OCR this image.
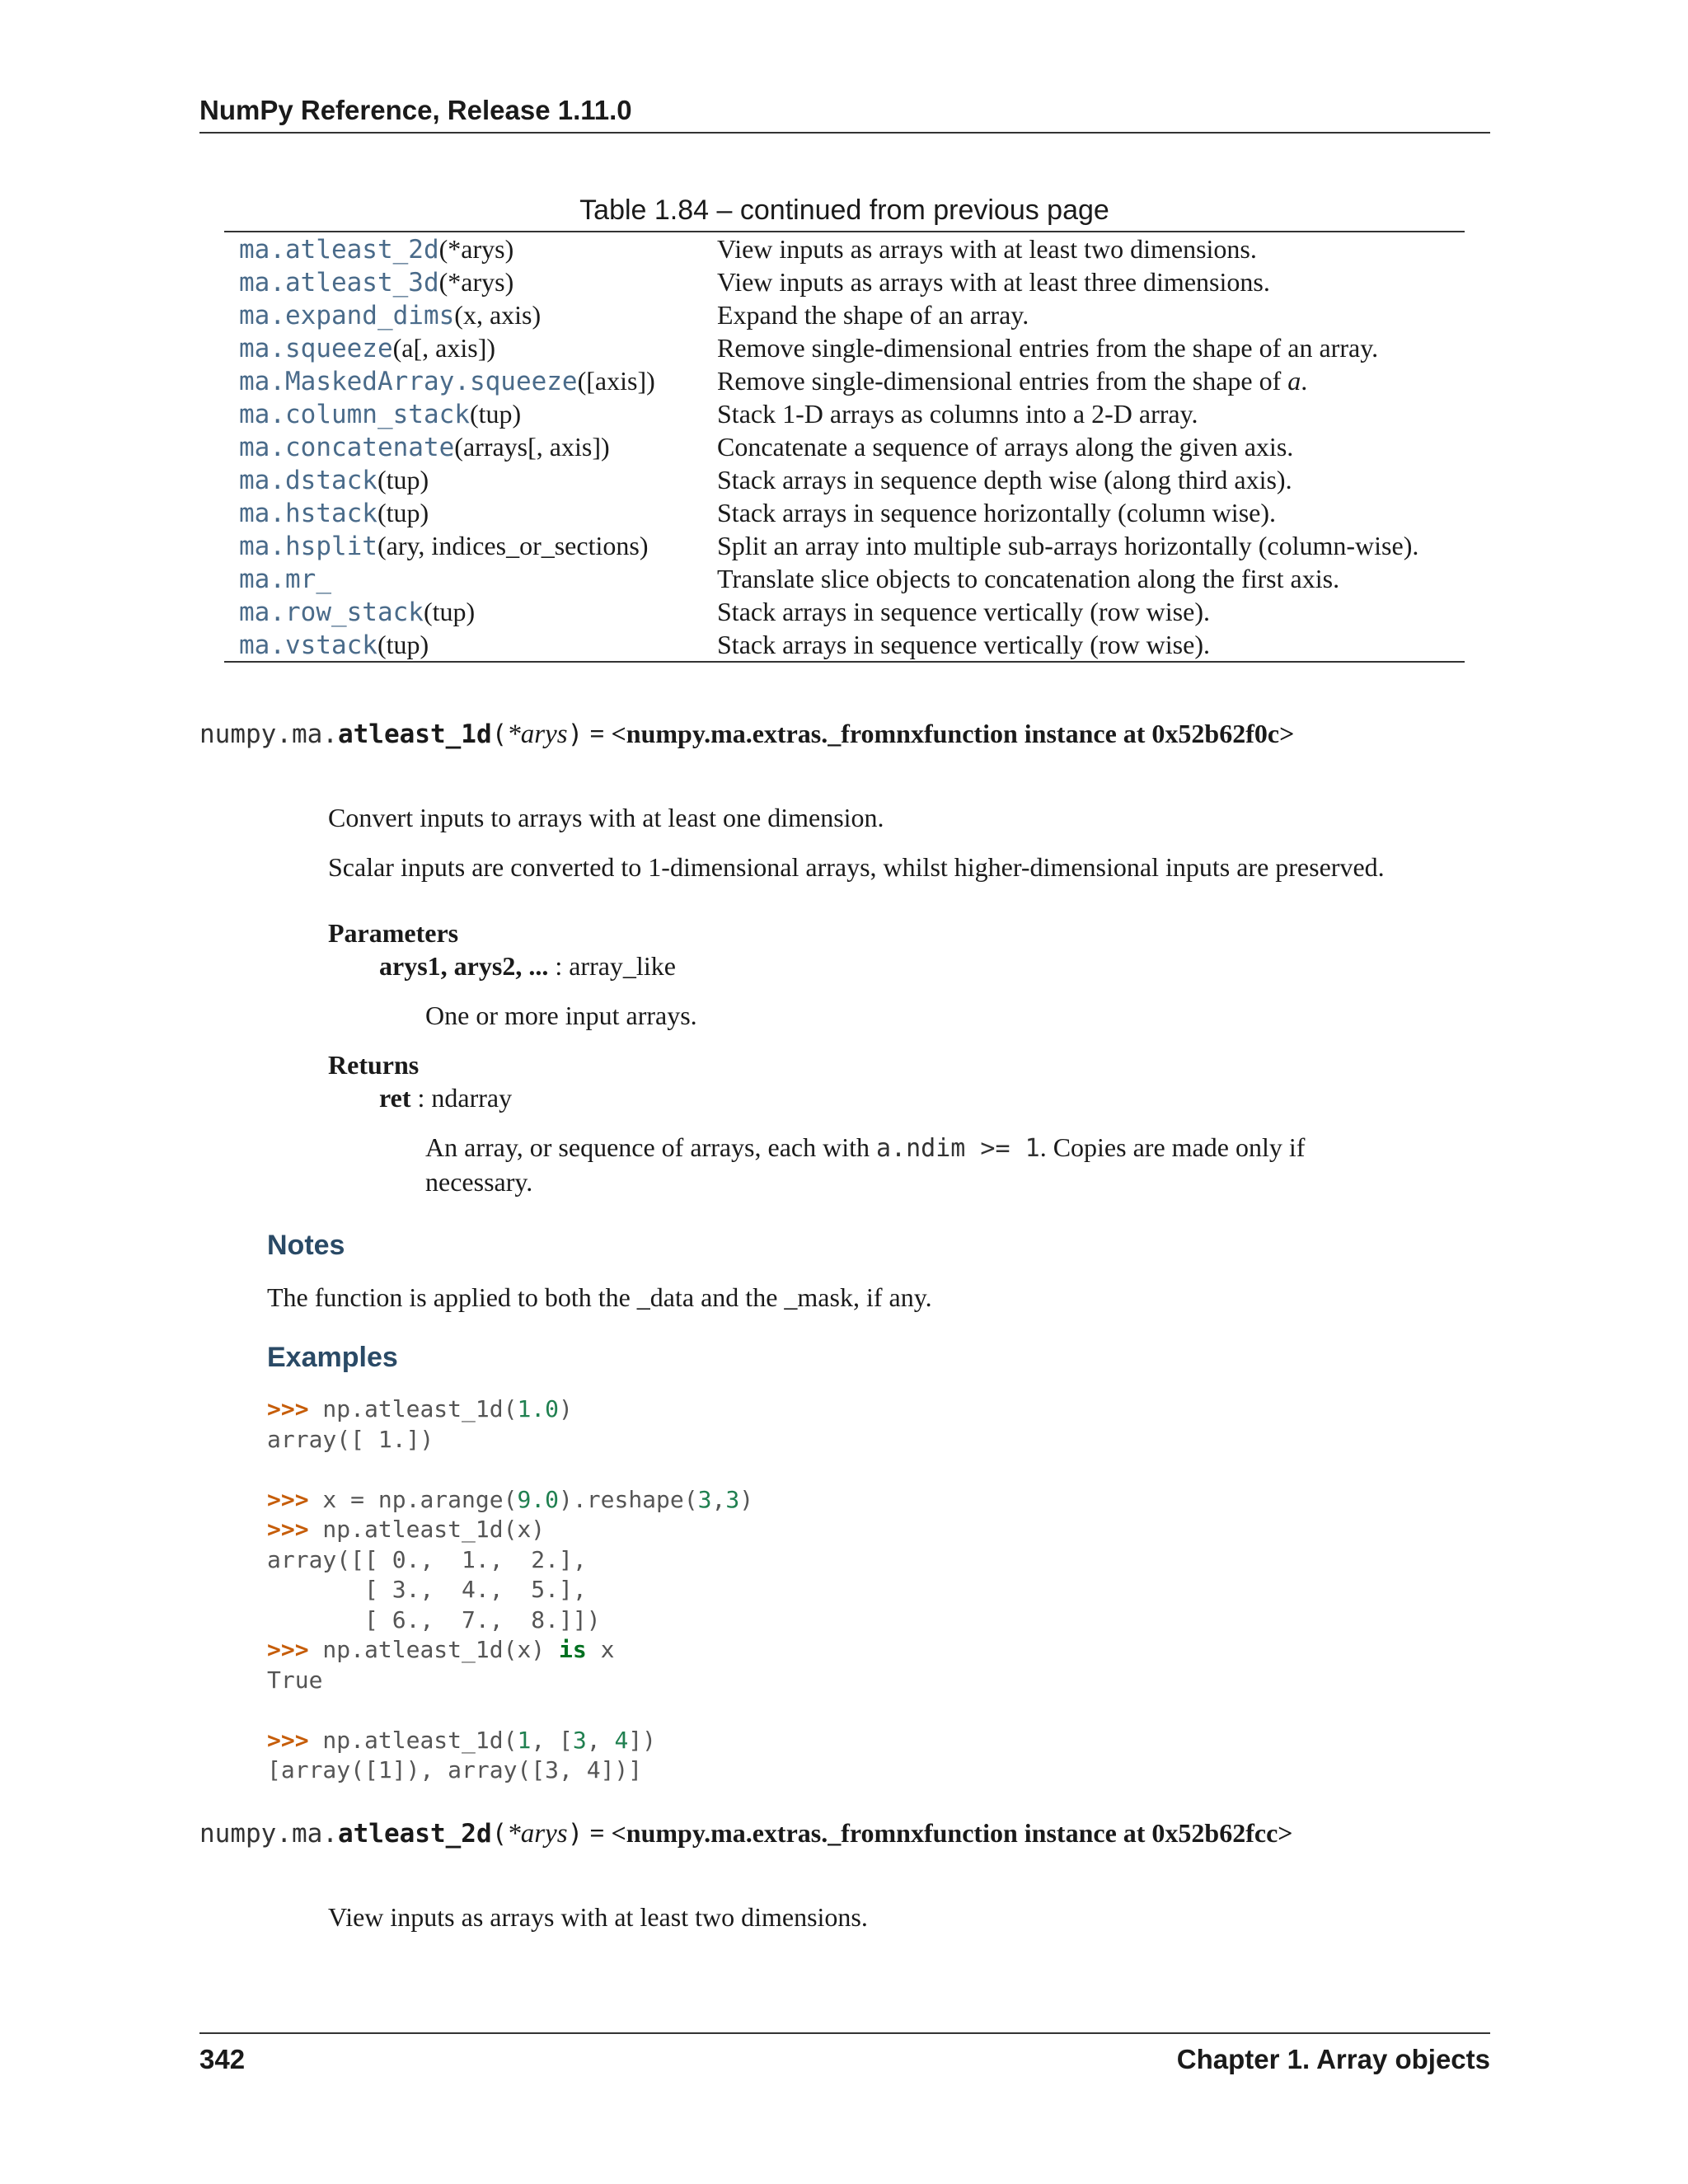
NumPy Reference, Release 1.11.0
Table 1.84 – continued from previous page
ma.atleast_2d(*arys)	View inputs as arrays with at least two dimensions.
ma.atleast_3d(*arys)	View inputs as arrays with at least three dimensions.
ma.expand_dims(x, axis)	Expand the shape of an array.
ma.squeeze(a[, axis])	Remove single-dimensional entries from the shape of an array.
ma.MaskedArray.squeeze([axis]) Remove single-dimensional entries from the shape of a.
ma.column_stack(tup)	Stack 1-D arrays as columns into a 2-D array.
ma.concatenate(arrays[, axis])	Concatenate a sequence of arrays along the given axis.
ma.dstack(tup)	Stack arrays in sequence depth wise (along third axis).
ma.hstack(tup)	Stack arrays in sequence horizontally (column wise).
ma.hsplit(ary, indices_or_sections)	Split an array into multiple sub-arrays horizontally (column-wise).
ma.mr_	Translate slice objects to concatenation along the first axis.
ma.row_stack(tup)	Stack arrays in sequence vertically (row wise).
ma.vstack(tup)	Stack arrays in sequence vertically (row wise).
numpy.ma.atleast_1d(*arys) = <numpy.ma.extras._fromnxfunction instance at 0x52b62f0c>
Convert inputs to arrays with at least one dimension.
Scalar inputs are converted to 1-dimensional arrays, whilst higher-dimensional inputs are preserved.
Parameters
arys1, arys2, ... : array_like
One or more input arrays.
Returns
ret : ndarray
An array, or sequence of arrays, each with a.ndim >= 1. Copies are made only if
necessary.
Notes
The function is applied to both the _data and the _mask, if any.
Examples
>>> np.atleast_1d(1.0)
array([ 1.])

>>> x = np.arange(9.0).reshape(3,3)
>>> np.atleast_1d(x)
array([[ 0.,  1.,  2.],
[ 3.,  4.,  5.],
[ 6.,  7.,  8.]])
>>> np.atleast_1d(x) is x
True

>>> np.atleast_1d(1, [3, 4])
[array([1]), array([3, 4])]
numpy.ma.atleast_2d(*arys) = <numpy.ma.extras._fromnxfunction instance at 0x52b62fcc>
View inputs as arrays with at least two dimensions.
342	Chapter 1. Array objects
